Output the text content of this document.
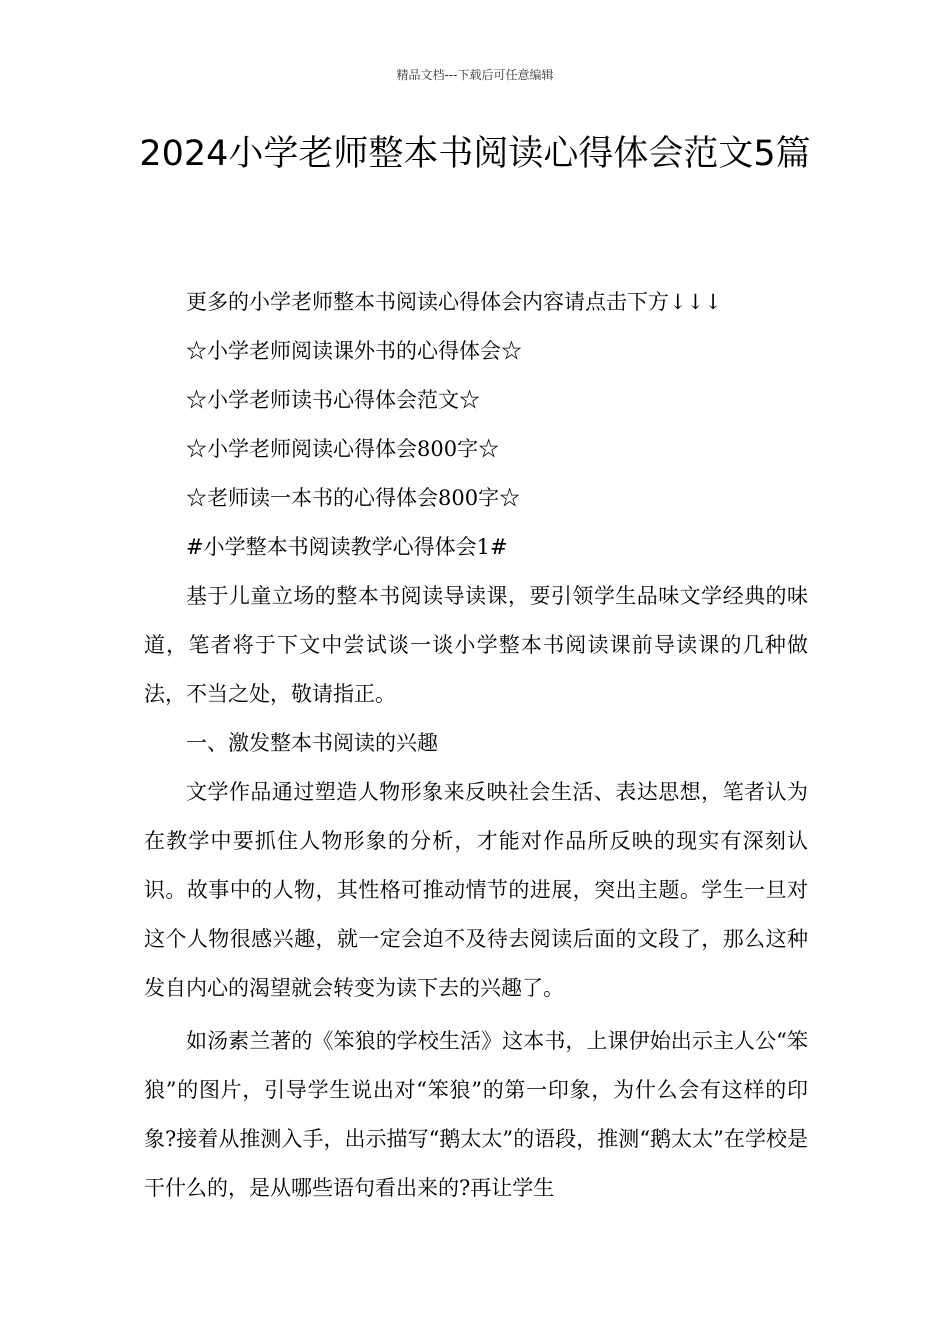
精品文档---下载后可任意编辑
2024小学老师整本书阅读心得体会范文5篇

更多的小学老师整本书阅读心得体会内容请点击下方↓↓↓

☆小学老师阅读课外书的心得体会☆

☆小学老师读书心得体会范文☆

☆小学老师阅读心得体会800字☆

☆老师读一本书的心得体会800字☆

#小学整本书阅读教学心得体会1#

基于儿童立场的整本书阅读导读课，要引领学生品味文学经典的味道，笔者将于下文中尝试谈一谈小学整本书阅读课前导读课的几种做法，不当之处，敬请指正。

一、激发整本书阅读的兴趣

文学作品通过塑造人物形象来反映社会生活、表达思想，笔者认为在教学中要抓住人物形象的分析，才能对作品所反映的现实有深刻认识。故事中的人物，其性格可推动情节的进展，突出主题。学生一旦对这个人物很感兴趣，就一定会迫不及待去阅读后面的文段了，那么这种发自内心的渴望就会转变为读下去的兴趣了。

如汤素兰著的《笨狼的学校生活》这本书，上课伊始出示主人公“笨狼”的图片，引导学生说出对“笨狼”的第一印象，为什么会有这样的印象?接着从推测入手，出示描写“鹅太太”的语段，推测“鹅太太”在学校是干什么的，是从哪些语句看出来的?再让学生
